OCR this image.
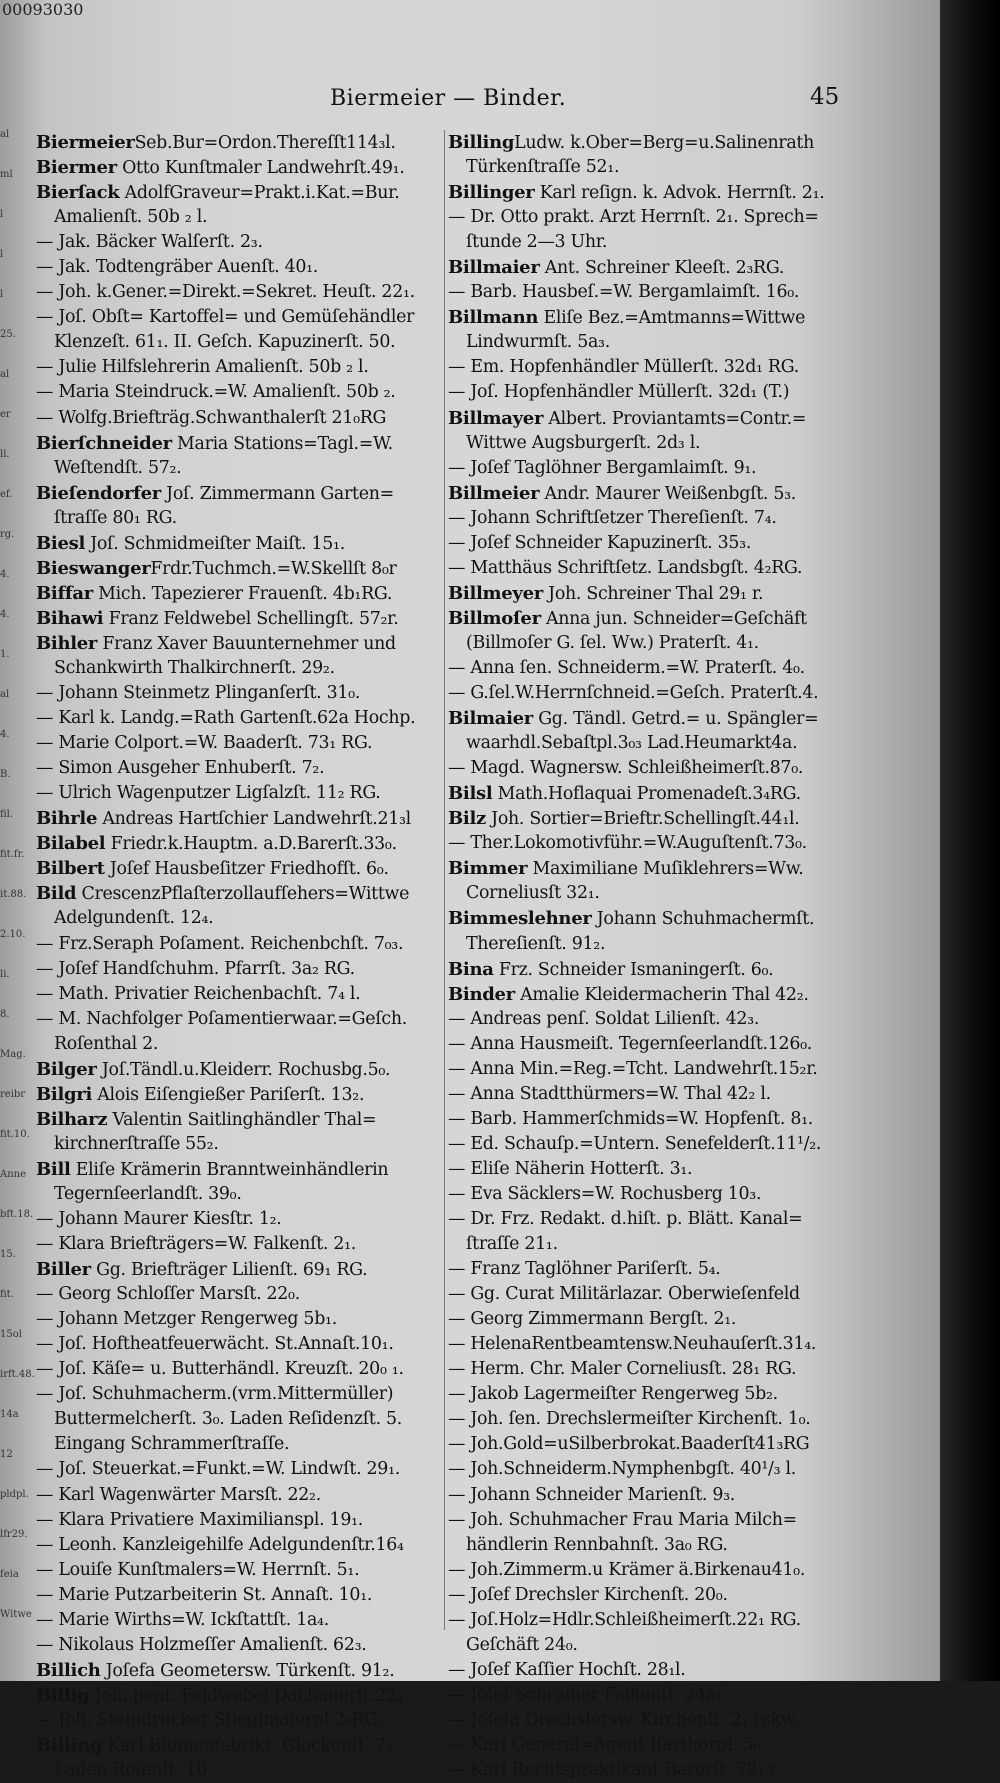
00093030
Biermeier — Binder.	45
al
ml
l
l
l
25.
al
er
ll.
ef.
rg.
4.
4.
1.
al
4.
B.
fil.
fit.fr.
it.88.
2.10.
li.
8.
Mag.
reibr
fit.10.
Anne
bft.18.
15.
fit.
15ol
irft.48.
14a
12
pldpl.
lfr29.
feia
Witwe
BiermeierSeb.Bur=Ordon.Thereſſt114₃l.
Biermer Otto Kunſtmaler Landwehrſt.49₁.
Bierſack AdolfGraveur=Prakt.i.Kat.=Bur.
Amalienſt. 50b ₂ l.
— Jak. Bäcker Walſerſt. 2₃.
— Jak. Todtengräber Auenſt. 40₁.
— Joh. k.Gener.=Direkt.=Sekret. Heuſt. 22₁.
— Joſ. Obſt= Kartoffel= und Gemüſehändler
Klenzeſt. 61₁. II. Geſch. Kapuzinerſt. 50.
— Julie Hilfslehrerin Amalienſt. 50b ₂ l.
— Maria Steindruck.=W. Amalienſt. 50b ₂.
— Wolfg.Briefträg.Schwanthalerſt 21₀RG
Bierſchneider Maria Stations=Tagl.=W.
Weſtendſt. 57₂.
Bieſendorfer Joſ. Zimmermann Garten=
ſtraſſe 80₁ RG.
Biesl Joſ. Schmidmeiſter Maiſt. 15₁.
BieswangerFrdr.Tuchmch.=W.Skellſt 8₀r
Biffar Mich. Tapezierer Frauenſt. 4b₁RG.
Bihawi Franz Feldwebel Schellingſt. 57₂r.
Bihler Franz Xaver Bauunternehmer und
Schankwirth Thalkirchnerſt. 29₂.
— Johann Steinmetz Plinganſerſt. 31₀.
— Karl k. Landg.=Rath Gartenſt.62a Hochp.
— Marie Colport.=W. Baaderſt. 73₁ RG.
— Simon Ausgeher Enhuberſt. 7₂.
— Ulrich Wagenputzer Ligſalzſt. 11₂ RG.
Bihrle Andreas Hartſchier Landwehrſt.21₃l
Bilabel Friedr.k.Hauptm. a.D.Barerſt.33₀.
Bilbert Joſef Hausbeſitzer Friedhofſt. 6₀.
Bild CrescenzPflaſterzollaufſehers=Wittwe
Adelgundenſt. 12₄.
— Frz.Seraph Poſament. Reichenbchſt. 7₀₃.
— Joſef Handſchuhm. Pfarrſt. 3a₂ RG.
— Math. Privatier Reichenbachſt. 7₄ l.
— M. Nachfolger Poſamentierwaar.=Geſch.
Roſenthal 2.
Bilger Joſ.Tändl.u.Kleiderr. Rochusbg.5₀.
Bilgri Alois Eiſengießer Pariſerſt. 13₂.
Bilharz Valentin Saitlinghändler Thal=
kirchnerſtraſſe 55₂.
Bill Eliſe Krämerin Branntweinhändlerin
Tegernſeerlandſt. 39₀.
— Johann Maurer Kiesſtr. 1₂.
— Klara Briefträgers=W. Falkenſt. 2₁.
Biller Gg. Briefträger Lilienſt. 69₁ RG.
— Georg Schloſſer Marsſt. 22₀.
— Johann Metzger Rengerweg 5b₁.
— Joſ. Hoftheatfeuerwächt. St.Annaſt.10₁.
— Joſ. Käſe= u. Butterhändl. Kreuzſt. 20₀ ₁.
— Joſ. Schuhmacherm.(vrm.Mittermüller)
Buttermelcherſt. 3₀. Laden Reſidenzſt. 5.
Eingang Schrammerſtraſſe.
— Joſ. Steuerkat.=Funkt.=W. Lindwſt. 29₁.
— Karl Wagenwärter Marsſt. 22₂.
— Klara Privatiere Maximilianspl. 19₁.
— Leonh. Kanzleigehilfe Adelgundenſtr.16₄
— Louiſe Kunſtmalers=W. Herrnſt. 5₁.
— Marie Putzarbeiterin St. Annaſt. 10₁.
— Marie Wirths=W. Ickſtattſt. 1a₄.
— Nikolaus Holzmeſſer Amalienſt. 62₃.
Billich Joſefa Geometersw. Türkenſt. 91₂.
Billig Joh. penſ. Feldwebel Dachauerſt.22₄
— Joh. Steindrucker Stieglmaierpl.2₀RG.
Billing Karl Blumenfabrikt. Glockenſt. 7₂.
Laden Roſenſt. 10.
BillingLudw. k.Ober=Berg=u.Salinenrath
Türkenſtraſſe 52₁.
Billinger Karl reſign. k. Advok. Herrnſt. 2₁.
— Dr. Otto prakt. Arzt Herrnſt. 2₁. Sprech=
ſtunde 2—3 Uhr.
Billmaier Ant. Schreiner Kleeſt. 2₃RG.
— Barb. Hausbeſ.=W. Bergamlaimſt. 16₀.
Billmann Eliſe Bez.=Amtmanns=Wittwe
Lindwurmſt. 5a₃.
— Em. Hopfenhändler Müllerſt. 32d₁ RG.
— Joſ. Hopfenhändler Müllerſt. 32d₁ (T.)
Billmayer Albert. Proviantamts=Contr.=
Wittwe Augsburgerſt. 2d₃ l.
— Joſef Taglöhner Bergamlaimſt. 9₁.
Billmeier Andr. Maurer Weißenbgſt. 5₃.
— Johann Schriftſetzer Thereſienſt. 7₄.
— Joſef Schneider Kapuzinerſt. 35₃.
— Matthäus Schriftſetz. Landsbgſt. 4₂RG.
Billmeyer Joh. Schreiner Thal 29₁ r.
Billmoſer Anna jun. Schneider=Geſchäft
(Billmoſer G. ſel. Ww.) Praterſt. 4₁.
— Anna ſen. Schneiderm.=W. Praterſt. 4₀.
— G.ſel.W.Herrnſchneid.=Geſch. Praterſt.4.
Bilmaier Gg. Tändl. Getrd.= u. Spängler=
waarhdl.Sebaſtpl.3₀₃ Lad.Heumarkt4a.
— Magd. Wagnersw. Schleißheimerſt.87₀.
Bilsl Math.Hoflaquai Promenadeſt.3₄RG.
Bilz Joh. Sortier=Brieftr.Schellingſt.44₁l.
— Ther.Lokomotivführ.=W.Auguſtenſt.73₀.
Bimmer Maximiliane Muſiklehrers=Ww.
Corneliusſt 32₁.
Bimmeslehner Johann Schuhmachermſt.
Thereſienſt. 91₂.
Bina Frz. Schneider Ismaningerſt. 6₀.
Binder Amalie Kleidermacherin Thal 42₂.
— Andreas penſ. Soldat Lilienſt. 42₃.
— Anna Hausmeiſt. Tegernſeerlandſt.126₀.
— Anna Min.=Reg.=Tcht. Landwehrſt.15₂r.
— Anna Stadtthürmers=W. Thal 42₂ l.
— Barb. Hammerſchmids=W. Hopfenſt. 8₁.
— Ed. Schauſp.=Untern. Senefelderſt.11¹/₂.
— Eliſe Näherin Hotterſt. 3₁.
— Eva Säcklers=W. Rochusberg 10₃.
— Dr. Frz. Redakt. d.hiſt. p. Blätt. Kanal=
ſtraſſe 21₁.
— Franz Taglöhner Pariſerſt. 5₄.
— Gg. Curat Militärlazar. Oberwieſenfeld
— Georg Zimmermann Bergſt. 2₁.
— HelenaRentbeamtensw.Neuhauſerſt.31₄.
— Herm. Chr. Maler Corneliusſt. 28₁ RG.
— Jakob Lagermeiſter Rengerweg 5b₂.
— Joh. ſen. Drechslermeiſter Kirchenſt. 1₀.
— Joh.Gold=uSilberbrokat.Baaderſt41₃RG
— Joh.Schneiderm.Nymphenbgſt. 40¹/₃ l.
— Johann Schneider Marienſt. 9₃.
— Joh. Schuhmacher Frau Maria Milch=
händlerin Rennbahnſt. 3a₀ RG.
— Joh.Zimmerm.u Krämer ä.Birkenau41₀.
— Joſef Drechsler Kirchenſt. 20₀.
— Joſ.Holz=Hdlr.Schleißheimerſt.22₁ RG.
Geſchäft 24₀.
— Joſef Kaſſier Hochſt. 28₁l.
— Joſef Schreiner Falkenſt. 24a₁.
— Joſefa Drechslersw. Kirchenſt. 2₁ rckw.
— Karl General=Agent Iſarthorpl. 5₀.
— Karl Rechtspraktikant Barerſt. 72₁ r.
